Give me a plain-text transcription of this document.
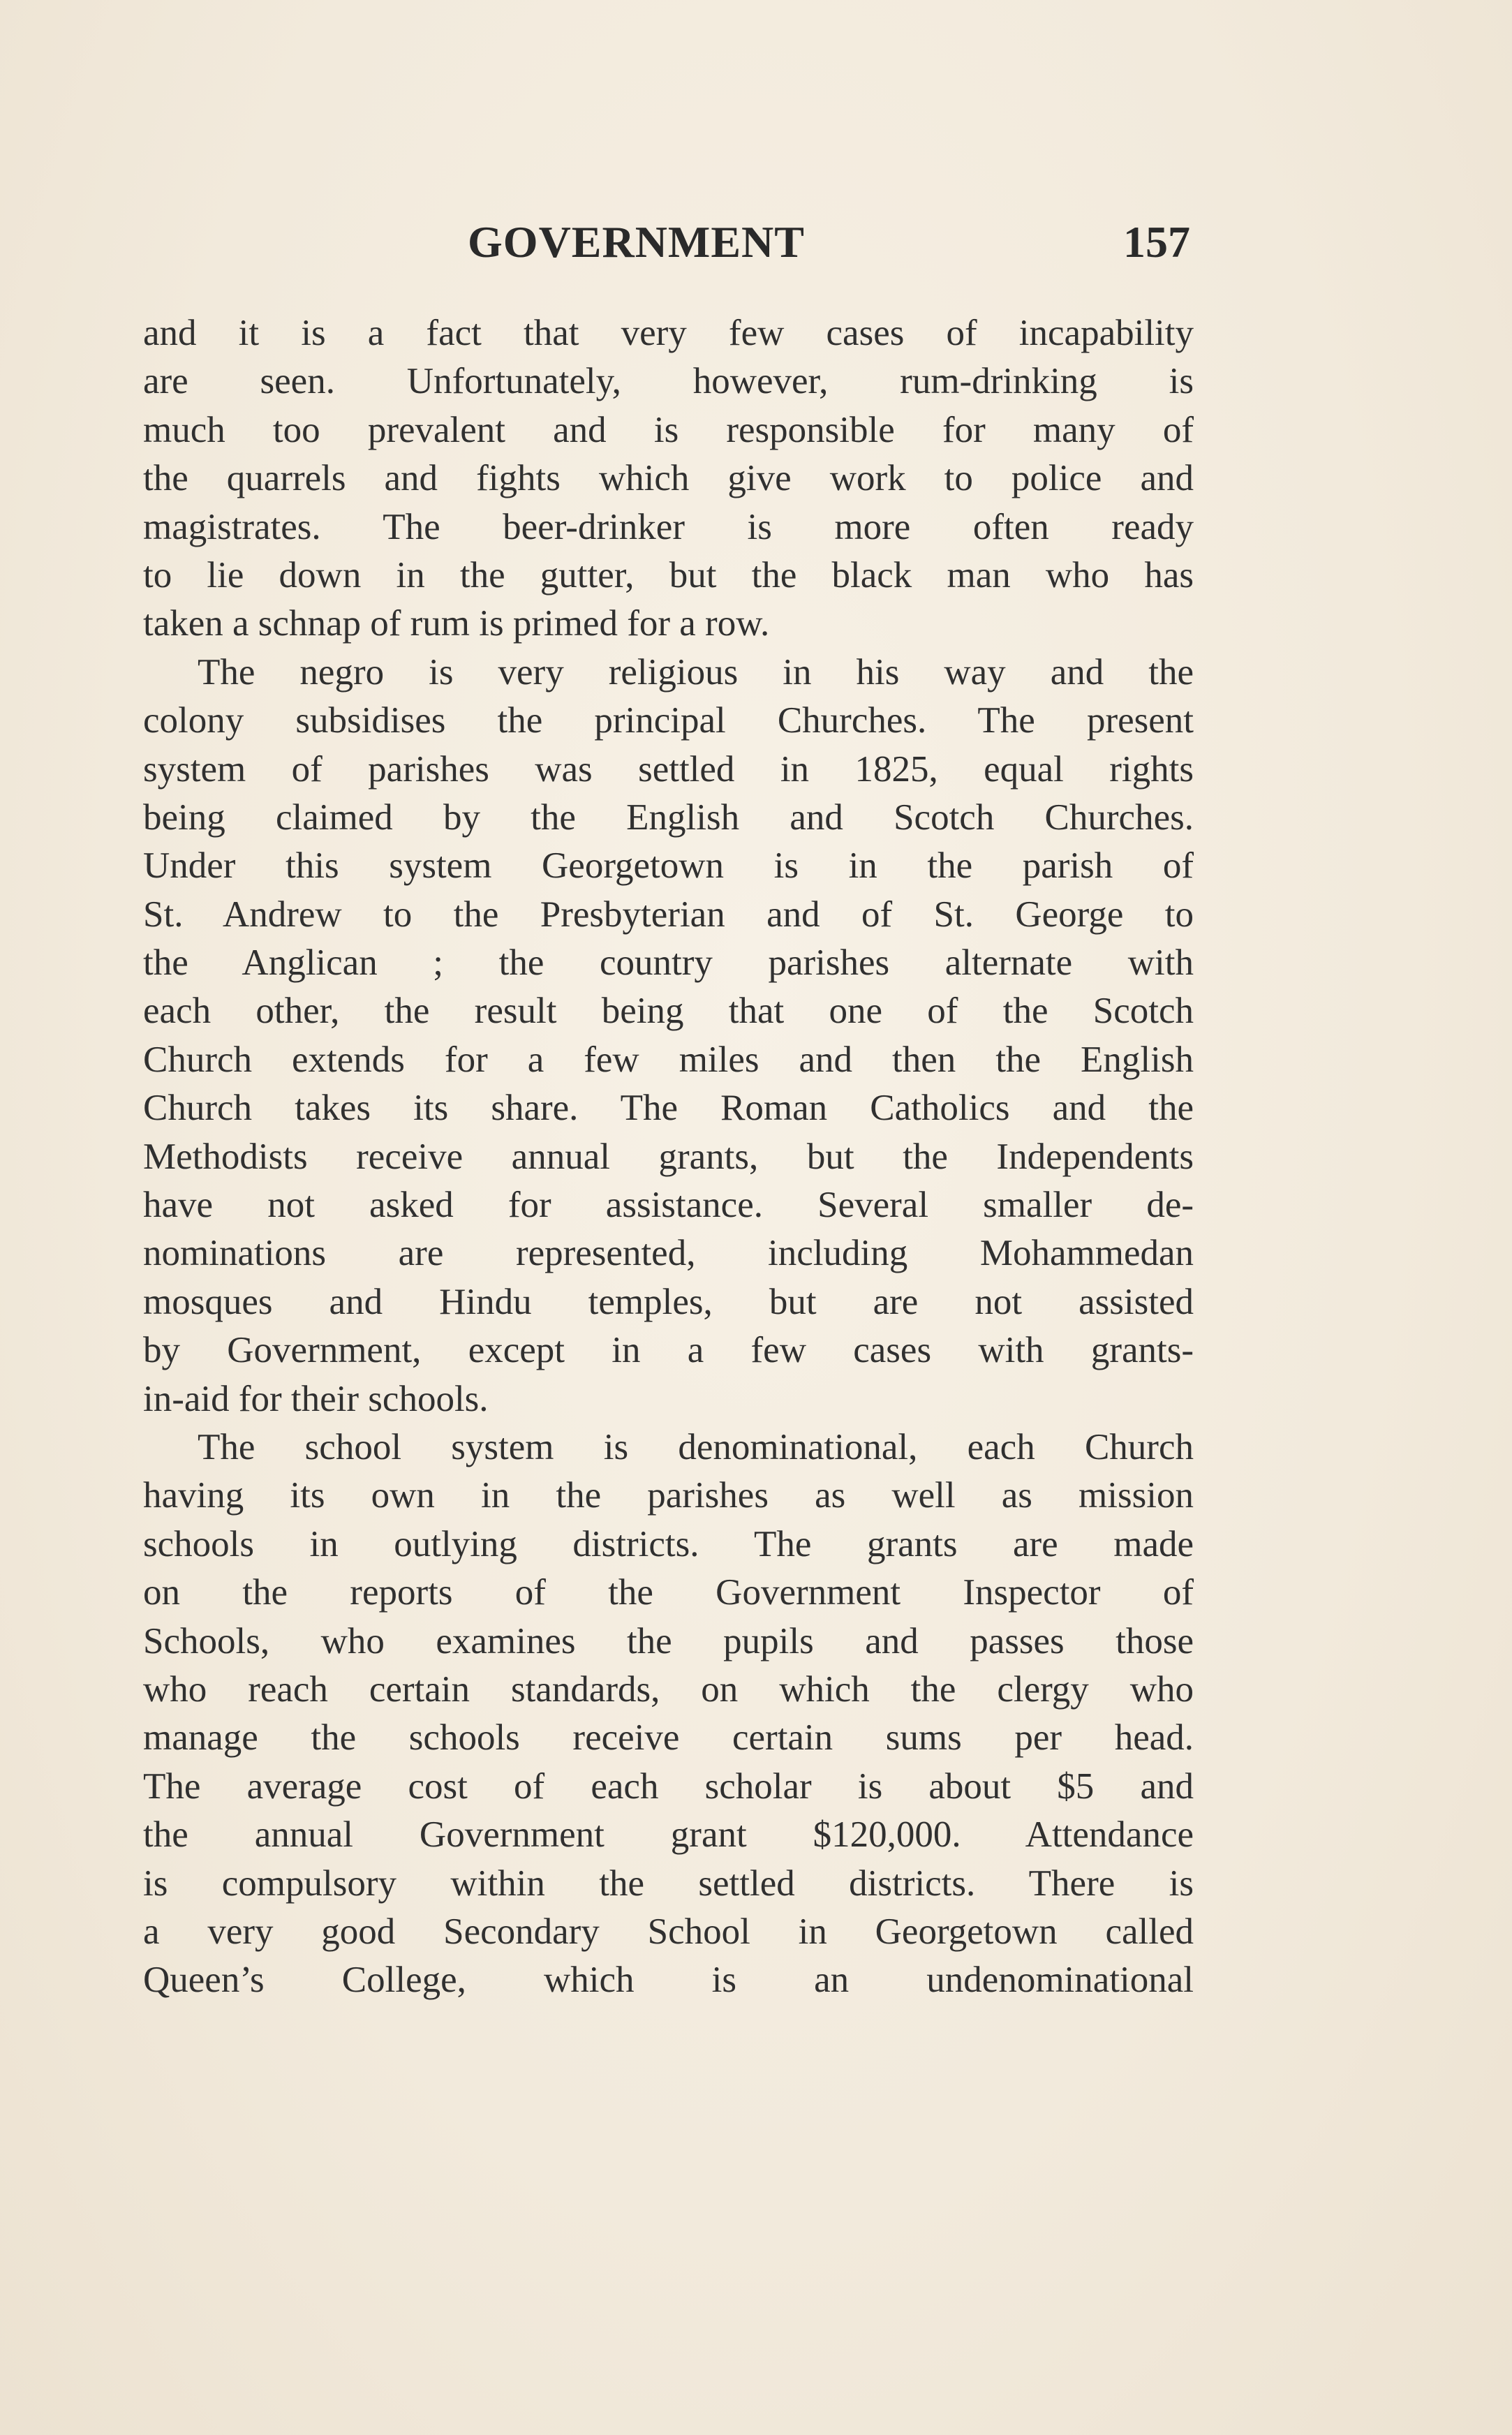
GOVERNMENT	157
and it is a fact that very few cases of incapability
are seen. Unfortunately, however, rum-drinking is
much too prevalent and is responsible for many of
the quarrels and fights which give work to police and
magistrates. The beer-drinker is more often ready
to lie down in the gutter, but the black man who has
taken a schnap of rum is primed for a row.
The negro is very religious in his way and the
colony subsidises the principal Churches. The present
system of parishes was settled in 1825, equal rights
being claimed by the English and Scotch Churches.
Under this system Georgetown is in the parish of
St. Andrew to the Presbyterian and of St. George to
the Anglican ; the country parishes alternate with
each other, the result being that one of the Scotch
Church extends for a few miles and then the English
Church takes its share. The Roman Catholics and the
Methodists receive annual grants, but the Independents
have not asked for assistance. Several smaller de-
nominations are represented, including Mohammedan
mosques and Hindu temples, but are not assisted
by Government, except in a few cases with grants-
in-aid for their schools.
The school system is denominational, each Church
having its own in the parishes as well as mission
schools in outlying districts. The grants are made
on the reports of the Government Inspector of
Schools, who examines the pupils and passes those
who reach certain standards, on which the clergy who
manage the schools receive certain sums per head.
The average cost of each scholar is about $5 and
the annual Government grant $120,000. Attendance
is compulsory within the settled districts. There is
a very good Secondary School in Georgetown called
Queen’s College, which is an undenominational
